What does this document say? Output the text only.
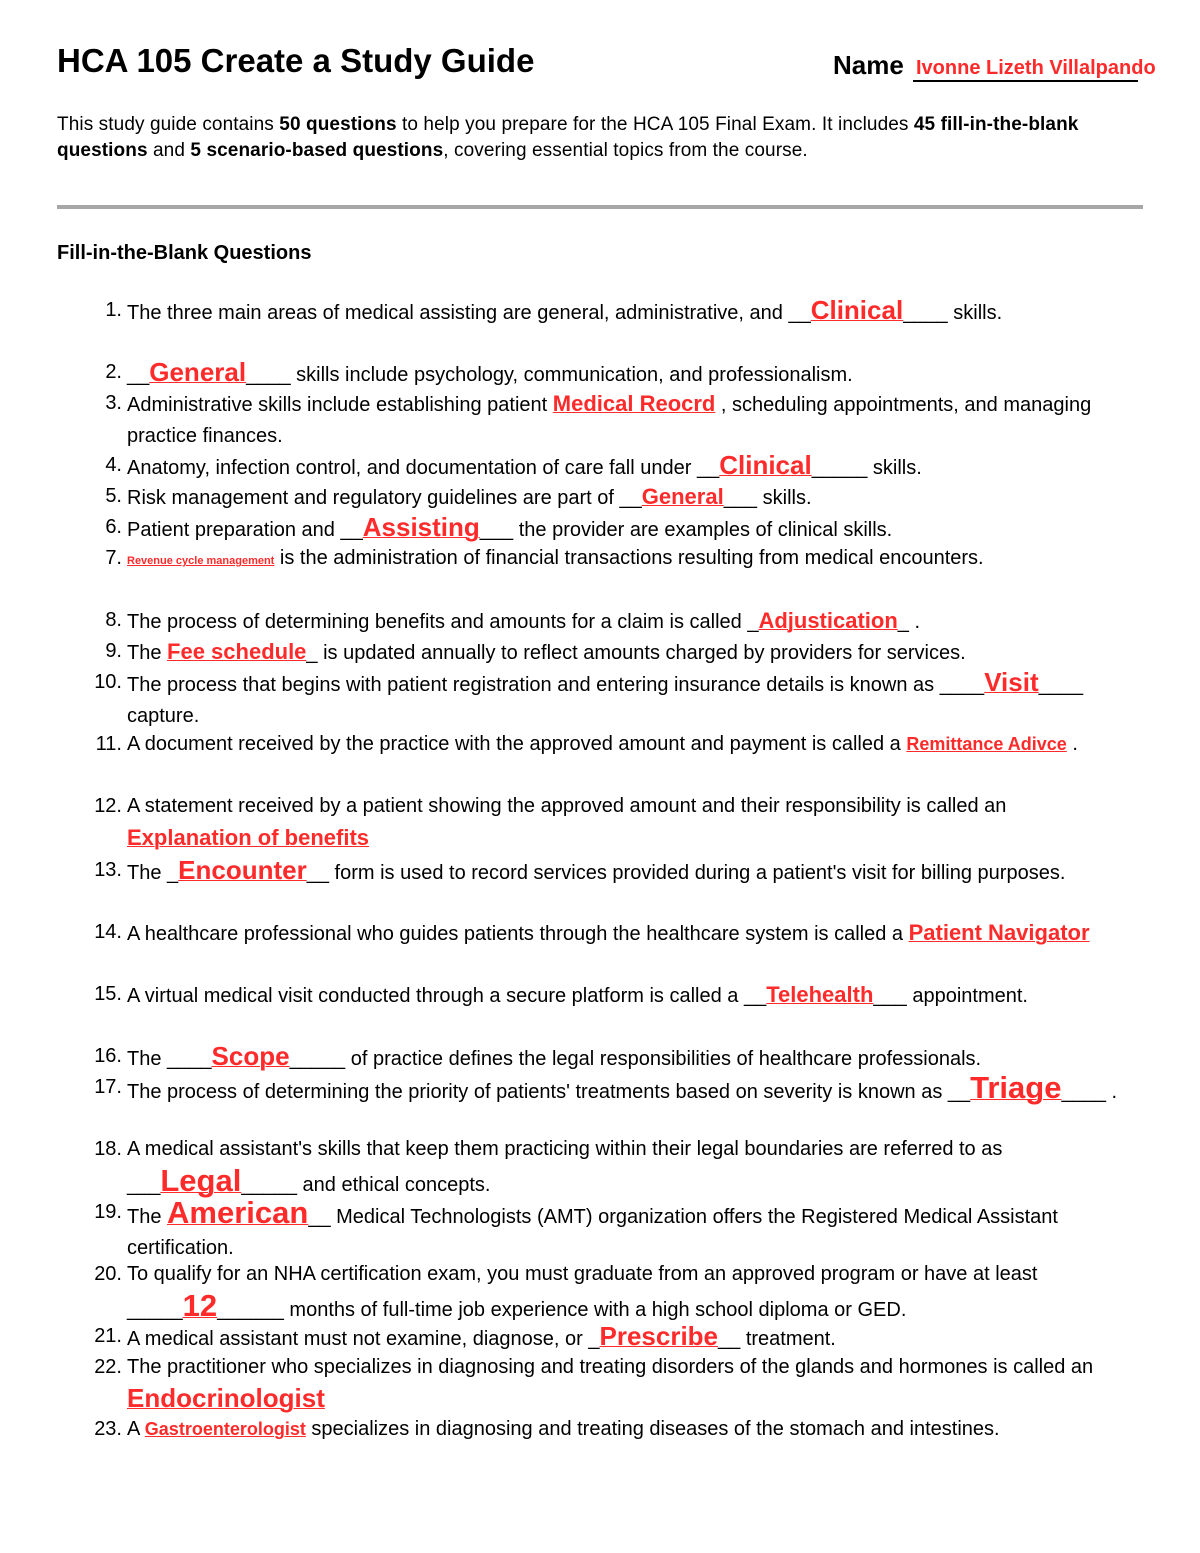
HCA 105 Create a Study Guide	Name Ivonne Lizeth Villalpando
This study guide contains 50 questions to help you prepare for the HCA 105 Final Exam. It includes 45 fill-in-the-blank questions and 5 scenario-based questions, covering essential topics from the course.
Fill-in-the-Blank Questions
1. The three main areas of medical assisting are general, administrative, and __Clinical____ skills.
2. __General____ skills include psychology, communication, and professionalism.
3. Administrative skills include establishing patient Medical Reocrd , scheduling appointments, and managing practice finances.
4. Anatomy, infection control, and documentation of care fall under __Clinical_____ skills.
5. Risk management and regulatory guidelines are part of __General___ skills.
6. Patient preparation and __Assisting___ the provider are examples of clinical skills.
7. Revenue cycle management is the administration of financial transactions resulting from medical encounters.
8. The process of determining benefits and amounts for a claim is called _Adjustication_ .
9. The Fee schedule_ is updated annually to reflect amounts charged by providers for services.
10. The process that begins with patient registration and entering insurance details is known as ____Visit____ capture.
11. A document received by the practice with the approved amount and payment is called a Remittance Adivce .
12. A statement received by a patient showing the approved amount and their responsibility is called an Explanation of benefits
13. The _Encounter__ form is used to record services provided during a patient's visit for billing purposes.
14. A healthcare professional who guides patients through the healthcare system is called a Patient Navigator
15. A virtual medical visit conducted through a secure platform is called a __Telehealth___ appointment.
16. The ____Scope_____ of practice defines the legal responsibilities of healthcare professionals.
17. The process of determining the priority of patients' treatments based on severity is known as __Triage____ .
18. A medical assistant's skills that keep them practicing within their legal boundaries are referred to as ___Legal_____ and ethical concepts.
19. The American__ Medical Technologists (AMT) organization offers the Registered Medical Assistant certification.
20. To qualify for an NHA certification exam, you must graduate from an approved program or have at least _____12______ months of full-time job experience with a high school diploma or GED.
21. A medical assistant must not examine, diagnose, or _Prescribe__ treatment.
22. The practitioner who specializes in diagnosing and treating disorders of the glands and hormones is called an Endocrinologist
23. A Gastroenterologist specializes in diagnosing and treating diseases of the stomach and intestines.
